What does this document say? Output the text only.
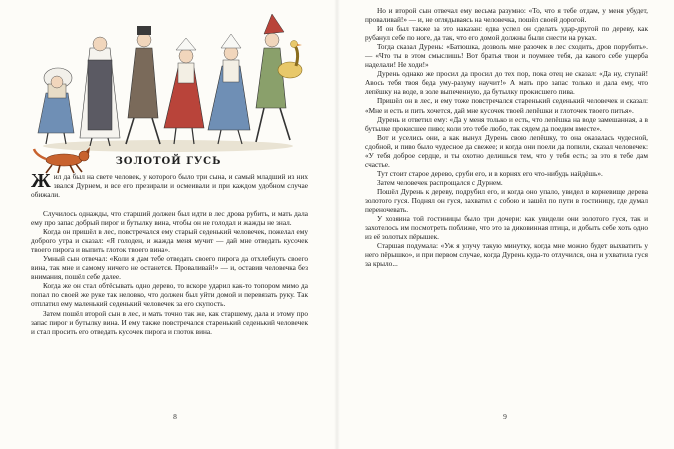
ЗОЛОТОЙ ГУСЬ
Ж ил да был на свете человек, у которого было три сына, и самый младший из них звался Дурнем, и все его презирали и осмеивали и при каждом удобном случае обижали.

Случилось однажды, что старший должен был идти в лес дрова рубить, и мать дала ему про запас добрый пирог и бутылку вина, чтобы он не голодал и жажды не знал.

Когда он пришёл в лес, повстречался ему старый седенький человечек, пожелал ему доброго утра и сказал: «Я голоден, и жажда меня мучит — дай мне отведать кусочек твоего пирога и выпить глоток твоего вина».

Умный сын отвечал: «Коли я дам тебе отведать своего пирога да отхлебнуть своего вина, так мне и самому ничего не останется. Проваливай!» — и, оставив человечка без внимания, пошёл себе далее.

Когда же он стал обтёсывать одно дерево, то вскоре ударил как-то топором мимо да попал по своей же руке так неловко, что должен был уйти домой и перевязать руку. Так отплатил ему маленький седенький человечек за его скупость.

Затем пошёл второй сын в лес, и мать точно так же, как старшему, дала и этому про запас пирог и бутылку вина. И ему также повстречался старенький седенький человечек и стал просить его отведать кусочек пирога и глоток вина.

8

Но и второй сын отвечал ему весьма разумно: «То, что я тебе отдам, у меня убудет, проваливай!» — и, не оглядываясь на человечка, пошёл своей дорогой.

И он был также за это наказан: едва успел он сделать удар-другой по дереву, как рубанул себе по ноге, да так, что его домой должны были снести на руках.

Тогда сказал Дурень: «Батюшка, дозволь мне разочек в лес сходить, дров порубить». — «Что ты в этом смыслишь! Вот братья твои и поумнее тебя, да какого себе ущерба наделали! Не ходи!»

Дурень однако же просил да просил до тех пор, пока отец не сказал: «Да ну, ступай! Авось тебя твоя беда уму-разуму научит!» А мать про запас только и дала ему, что лепёшку на воде, в золе выпеченную, да бутылку прокисшего пива.

Пришёл он в лес, и ему тоже повстречался старенький седенький человечек и сказал: «Мне и есть и пить хочется, дай мне кусочек твоей лепёшки и глоточек твоего питья».

Дурень и ответил ему: «Да у меня только и есть, что лепёшка на воде замешанная, а в бутылке прокисшее пиво; коли это тебе любо, так сядем да поедим вместе».

Вот и уселись они, а как вынул Дурень свою лепёшку, то она оказалась чудесной, сдобной, и пиво было чудесное да свежее; и когда они поели да попили, сказал человечек: «У тебя доброе сердце, и ты охотно делишься тем, что у тебя есть; за это я тебе дам счастье.

Тут стоит старое дерево, сруби его, и в корнях его что-нибудь найдёшь».

Затем человечек распрощался с Дурнем.

Пошёл Дурень к дереву, подрубил его, и когда оно упало, увидел в корневище дерева золотого гуся. Поднял он гуся, захватил с собою и зашёл по пути в гостиницу, где думал переночевать.

У хозяина той гостиницы было три дочери: как увидели они золотого гуся, так и захотелось им посмотреть поближе, что это за диковинная птица, и добыть себе хоть одно из её золотых пёрышек.

Старшая подумала: «Уж я улучу такую минутку, когда мне можно будет выхватить у него пёрышко», и при первом случае, когда Дурень куда-то отлучился, она и ухватила гуся за крыло...

9
